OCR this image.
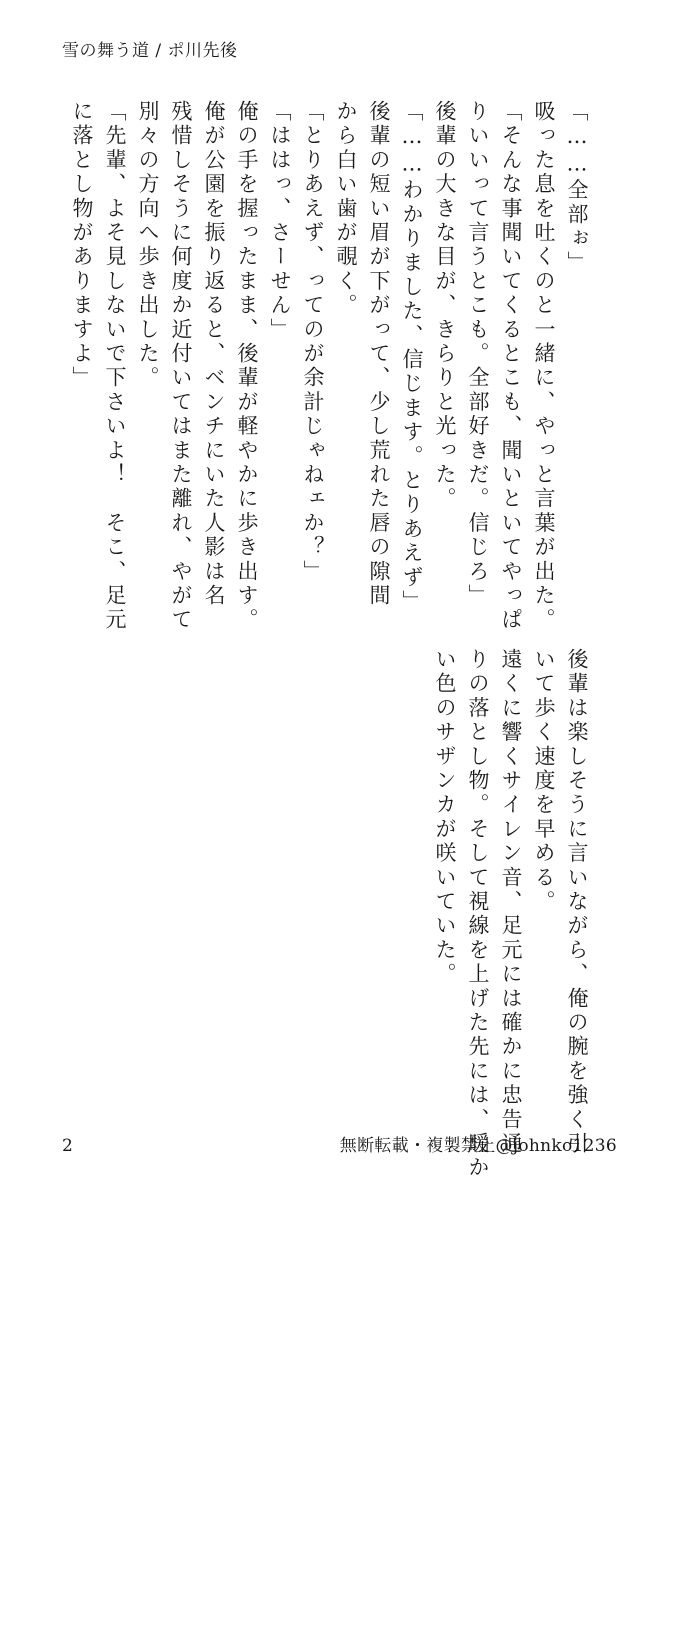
雪の舞う道 / ポ川先後
「……全部ぉ」
吸った息を吐くのと一緒に、やっと言葉が出た。
「そんな事聞いてくるとこも、聞いといてやっぱ
りいいって言うとこも。全部好きだ。信じろ」
後輩の大きな目が、きらりと光った。
「……わかりました、信じます。とりあえず」
後輩の短い眉が下がって、少し荒れた唇の隙間
から白い歯が覗く。
「とりあえず、ってのが余計じゃねェか？」
「ははっ、さーせん」
俺の手を握ったまま、後輩が軽やかに歩き出す。
俺が公園を振り返ると、ベンチにいた人影は名
残惜しそうに何度か近付いてはまた離れ、やがて
別々の方向へ歩き出した。
「先輩、よそ見しないで下さいよ！　そこ、足元
に落とし物がありますよ」
後輩は楽しそうに言いながら、俺の腕を強く引
いて歩く速度を早める。
遠くに響くサイレン音、足元には確かに忠告通
りの落とし物。そして視線を上げた先には、暖か
い色のサザンカが咲いていた。
2	無断転載・複製禁止@johnko1236
